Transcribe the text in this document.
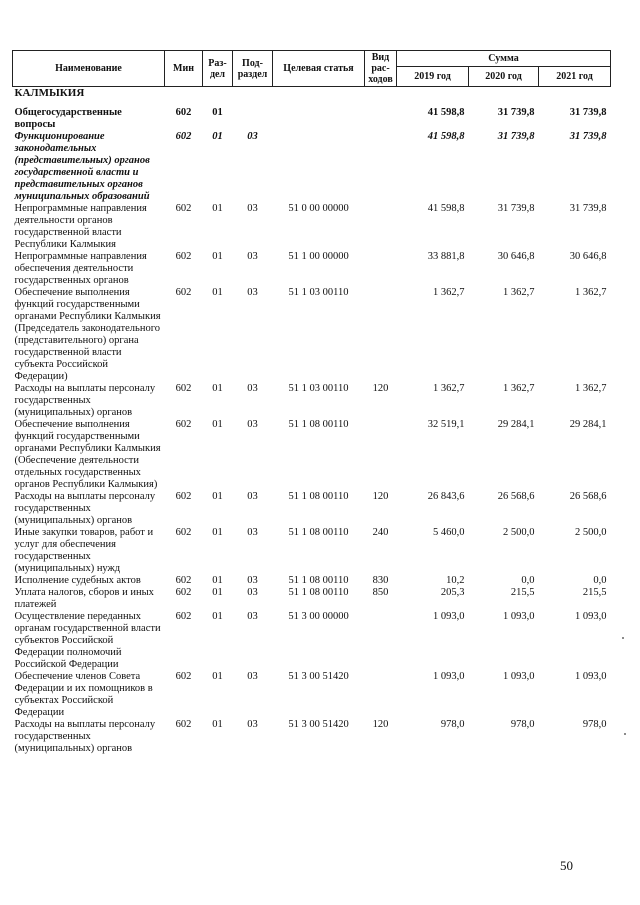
Наименование	Мин	Раз-дел	Под-раздел	Целевая статья	Вид рас-ходов	Сумма		
						2019 год	2020 год	2021 год
КАЛМЫКИЯ								

Общегосударственные вопросы	602	01				41 598,8	31 739,8	31 739,8
Функционирование законодательных (представительных) органов государственной власти и представительных органов муниципальных образований	602	01	03			41 598,8	31 739,8	31 739,8
Непрограммные направления деятельности органов государственной власти Республики Калмыкия	602	01	03	51 0 00 00000		41 598,8	31 739,8	31 739,8
Непрограммные направления обеспечения деятельности государственных органов	602	01	03	51 1 00 00000		33 881,8	30 646,8	30 646,8
Обеспечение выполнения функций государственными органами Республики Калмыкия (Председатель законодательного (представительного) органа государственной власти субъекта Российской Федерации)	602	01	03	51 1 03 00110		1 362,7	1 362,7	1 362,7
Расходы на выплаты персоналу государственных (муниципальных) органов	602	01	03	51 1 03 00110	120	1 362,7	1 362,7	1 362,7
Обеспечение выполнения функций государственными органами Республики Калмыкия (Обеспечение деятельности отдельных государственных органов Республики Калмыкия)	602	01	03	51 1 08 00110		32 519,1	29 284,1	29 284,1
Расходы на выплаты персоналу государственных (муниципальных) органов	602	01	03	51 1 08 00110	120	26 843,6	26 568,6	26 568,6
Иные закупки товаров, работ и услуг для обеспечения государственных (муниципальных) нужд	602	01	03	51 1 08 00110	240	5 460,0	2 500,0	2 500,0
Исполнение судебных актов	602	01	03	51 1 08 00110	830	10,2	0,0	0,0
Уплата налогов, сборов и иных платежей	602	01	03	51 1 08 00110	850	205,3	215,5	215,5
Осуществление переданных органам государственной власти субъектов Российской Федерации полномочий Российской Федерации	602	01	03	51 3 00 00000		1 093,0	1 093,0	1 093,0
Обеспечение членов Совета Федерации и их помощников в субъектах Российской Федерации	602	01	03	51 3 00 51420		1 093,0	1 093,0	1 093,0
Расходы на выплаты персоналу государственных (муниципальных) органов	602	01	03	51 3 00 51420	120	978,0	978,0	978,0
50
